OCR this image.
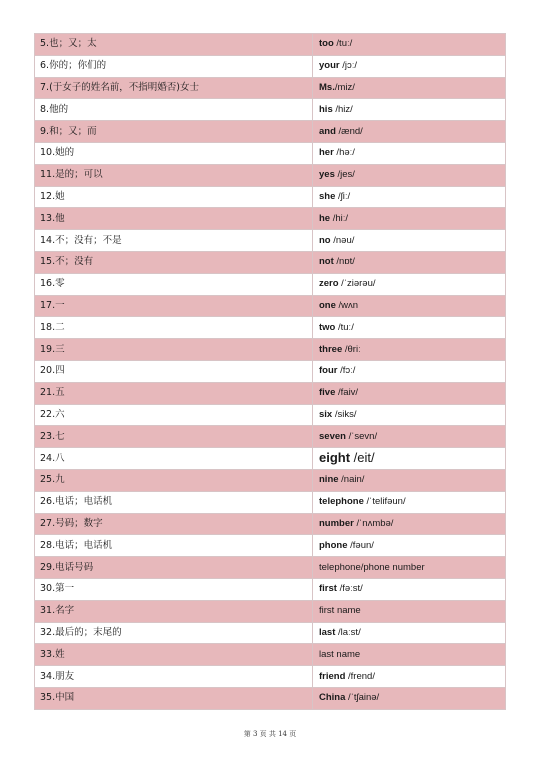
5.也；又；太	too /tuː/
6.你的；你们的	your /jɔː/
7.(于女子的姓名前，不指明婚否)女士	Ms./miz/
8.他的	his /hiz/
9.和；又；而	and /ænd/
10.她的	her /həː/
11.是的；可以	yes /jes/
12.她	she /ʃiː/
13.他	he /hiː/
14.不；没有；不是	no /nəu/
15.不；没有	not /nɒt/
16.零	zero /ˈziərəu/
17.一	one /wʌn
18.二	two /tuː/
19.三	three /θriː
20.四	four /fɔː/
21.五	five /faiv/
22.六	six /siks/
23.七	seven /ˈsevn/
24.八	eight /eit/
25.九	nine /nain/
26.电话；电话机	telephone /ˈtelifəun/
27.号码；数字	number /ˈnʌmbə/
28.电话；电话机	phone /fəun/
29.电话号码	telephone/phone number
30.第一	first /fəːst/
31.名字	first name
32.最后的；末尾的	last /laːst/
33.姓	last name
34.朋友	friend /frend/
35.中国	China /ˈtʃainə/
第 3 页 共 14 页
